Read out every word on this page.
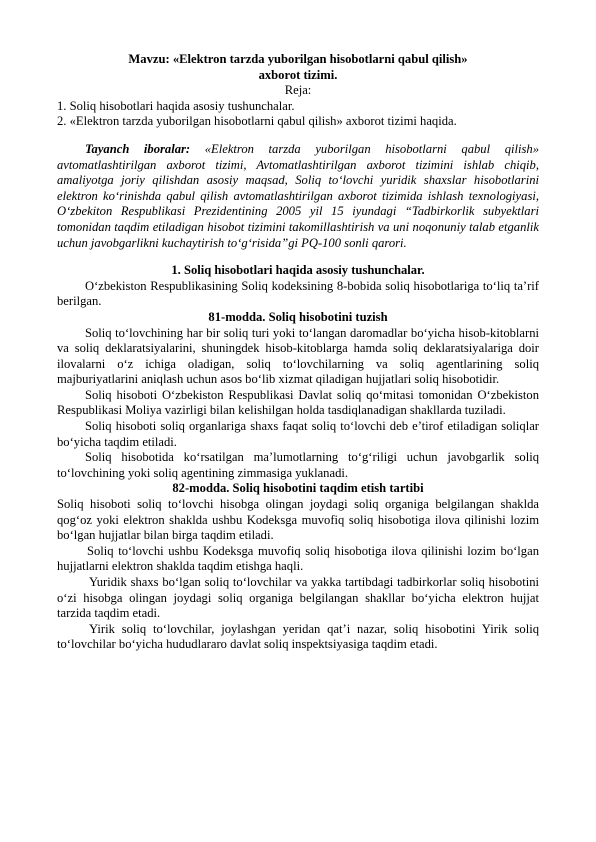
Mavzu: «Elektron tarzda yuborilgan hisobotlarni qabul qilish»

axborot tizimi.

Reja:

1. Soliq hisobotlari haqida asosiy tushunchalar.

2. «Elektron tarzda yuborilgan hisobotlarni qabul qilish» axborot tizimi haqida.

Tayanch iboralar: «Elektron tarzda yuborilgan hisobotlarni qabul qilish» avtomatlashtirilgan axborot tizimi, Avtomatlashtirilgan axborot tizimini ishlab chiqib, amaliyotga joriy qilishdan asosiy maqsad, Soliq to‘lovchi yuridik shaxslar hisobotlarini elektron ko‘rinishda qabul qilish avtomatlashtirilgan axborot tizimida ishlash texnologiyasi, O‘zbekiton Respublikasi Prezidentining 2005 yil 15 iyundagi “Tadbirkorlik subyektlari tomonidan taqdim etiladigan hisobot tizimini takomillashtirish va uni noqonuniy talab etganlik uchun javobgarlikni kuchaytirish to‘g‘risida”gi PQ-100 sonli qarori.

1. Soliq hisobotlari haqida asosiy tushunchalar.

O‘zbekiston Respublikasining Soliq kodeksining 8-bobida soliq hisobotlariga to‘liq ta’rif berilgan.

81-modda. Soliq hisobotini tuzish

Soliq to‘lovchining har bir soliq turi yoki to‘langan daromadlar bo‘yicha hisob-kitoblarni va soliq deklaratsiyalarini, shuningdek hisob-kitoblarga hamda soliq deklaratsiyalariga doir ilovalarni o‘z ichiga oladigan, soliq to‘lovchilarning va soliq agentlarining soliq majburiyatlarini aniqlash uchun asos bo‘lib xizmat qiladigan hujjatlari soliq hisobotidir.

Soliq hisoboti O‘zbekiston Respublikasi Davlat soliq qo‘mitasi tomonidan O‘zbekiston Respublikasi Moliya vazirligi bilan kelishilgan holda tasdiqlanadigan shakllarda tuziladi.

Soliq hisoboti soliq organlariga shaxs faqat soliq to‘lovchi deb e’tirof etiladigan soliqlar bo‘yicha taqdim etiladi.

Soliq hisobotida ko‘rsatilgan ma’lumotlarning to‘g‘riligi uchun javobgarlik soliq to‘lovchining yoki soliq agentining zimmasiga yuklanadi.

82-modda. Soliq hisobotini taqdim etish tartibi

Soliq hisoboti soliq to‘lovchi hisobga olingan joydagi soliq organiga belgilangan shaklda qog‘oz yoki elektron shaklda ushbu Kodeksga muvofiq soliq hisobotiga ilova qilinishi lozim bo‘lgan hujjatlar bilan birga taqdim etiladi.

Soliq to‘lovchi ushbu Kodeksga muvofiq soliq hisobotiga ilova qilinishi lozim bo‘lgan hujjatlarni elektron shaklda taqdim etishga haqli.

Yuridik shaxs bo‘lgan soliq to‘lovchilar va yakka tartibdagi tadbirkorlar soliq hisobotini o‘zi hisobga olingan joydagi soliq organiga belgilangan shakllar bo‘yicha elektron hujjat tarzida taqdim etadi.

Yirik soliq to‘lovchilar, joylashgan yeridan qat’i nazar, soliq hisobotini Yirik soliq to‘lovchilar bo‘yicha hududlararo davlat soliq inspektsiyasiga taqdim etadi.
